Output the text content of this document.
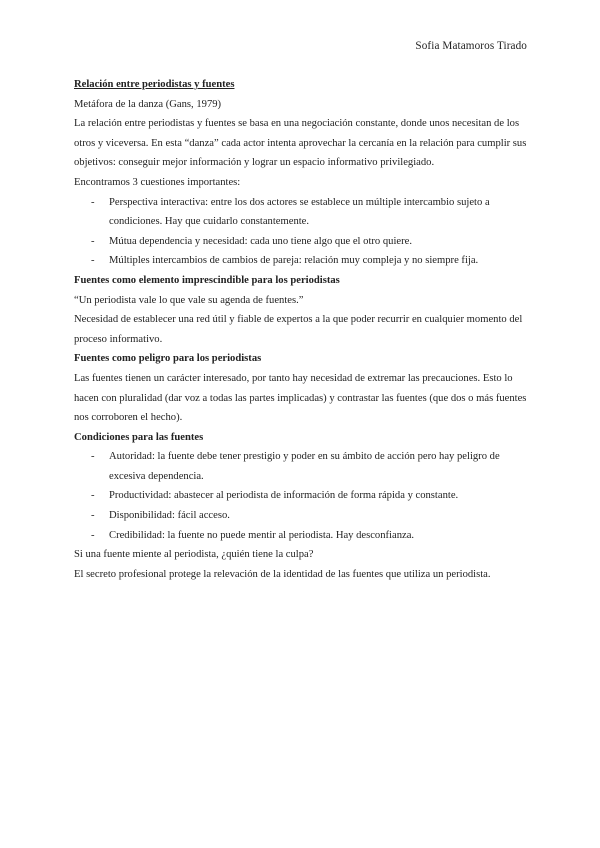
Sofia Matamoros Tirado

Relación entre periodistas y fuentes

Metáfora de la danza (Gans, 1979)

La relación entre periodistas y fuentes se basa en una negociación constante, donde unos necesitan de los otros y viceversa. En esta “danza” cada actor intenta aprovechar la cercanía en la relación para cumplir sus objetivos: conseguir mejor información y lograr un espacio informativo privilegiado.

Encontramos 3 cuestiones importantes:

- Perspectiva interactiva: entre los dos actores se establece un múltiple intercambio sujeto a condiciones. Hay que cuidarlo constantemente.
- Mútua dependencia y necesidad: cada uno tiene algo que el otro quiere.
- Múltiples intercambios de cambios de pareja: relación muy compleja y no siempre fija.

Fuentes como elemento imprescindible para los periodistas

“Un periodista vale lo que vale su agenda de fuentes.”

Necesidad de establecer una red útil y fiable de expertos a la que poder recurrir en cualquier momento del proceso informativo.

Fuentes como peligro para los periodistas

Las fuentes tienen un carácter interesado, por tanto hay necesidad de extremar las precauciones. Esto lo hacen con pluralidad (dar voz a todas las partes implicadas) y contrastar las fuentes (que dos o más fuentes nos corroboren el hecho).

Condiciones para las fuentes

- Autoridad: la fuente debe tener prestigio y poder en su ámbito de acción pero hay peligro de excesiva dependencia.
- Productividad: abastecer al periodista de información de forma rápida y constante.
- Disponibilidad: fácil acceso.
- Credibilidad: la fuente no puede mentir al periodista. Hay desconfianza.

Si una fuente miente al periodista, ¿quién tiene la culpa?

El secreto profesional protege la relevación de la identidad de las fuentes que utiliza un periodista.
